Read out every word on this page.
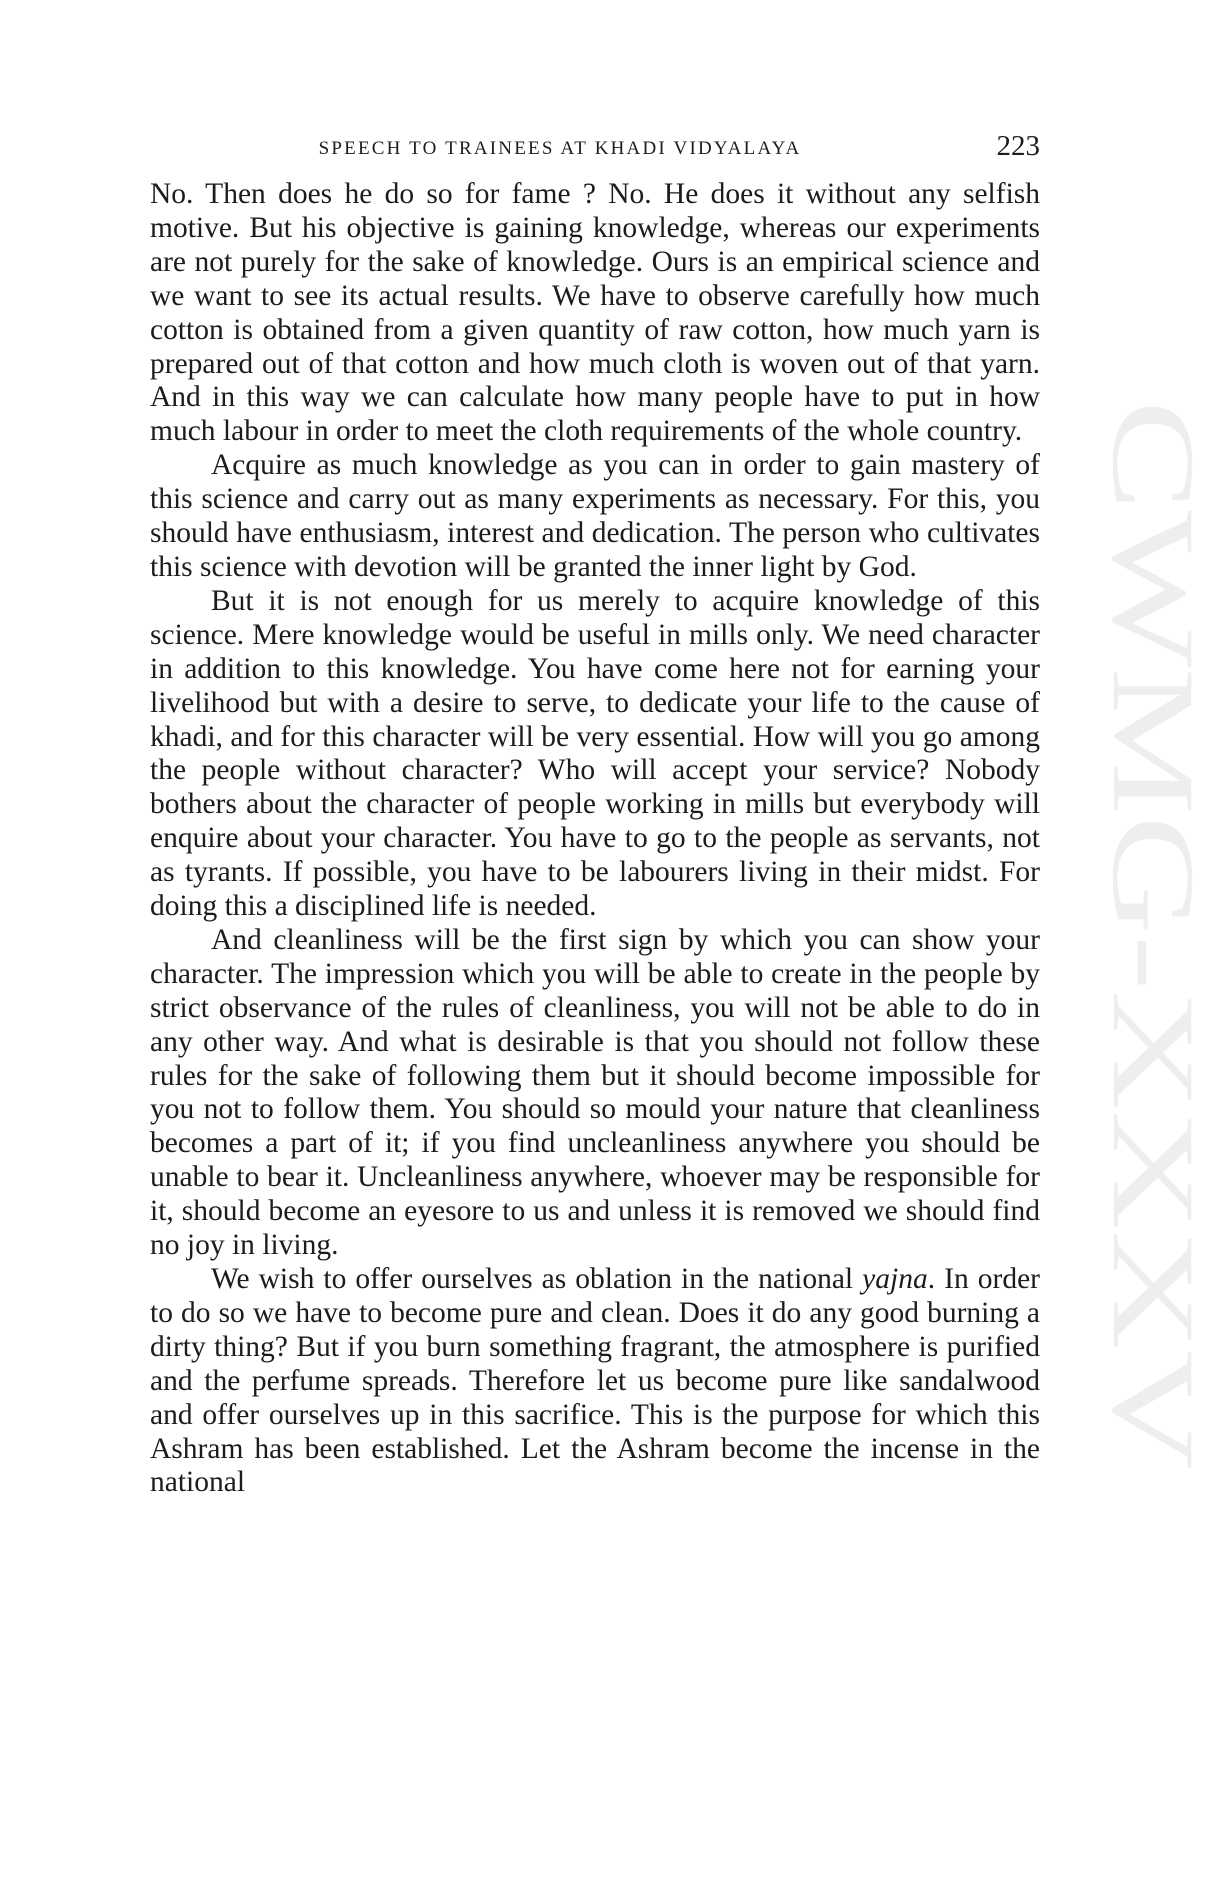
CWMG-XXXV
SPEECH TO TRAINEES AT KHADI VIDYALAYA	223

No. Then does he do so for fame ? No. He does it without any selfish motive. But his objective is gaining knowledge, whereas our experiments are not purely for the sake of knowledge. Ours is an empirical science and we want to see its actual results. We have to observe carefully how much cotton is obtained from a given quantity of raw cotton, how much yarn is prepared out of that cotton and how much cloth is woven out of that yarn. And in this way we can calculate how many people have to put in how much labour in order to meet the cloth requirements of the whole country.

Acquire as much knowledge as you can in order to gain mastery of this science and carry out as many experiments as necessary. For this, you should have enthusiasm, interest and dedication. The person who cultivates this science with devotion will be granted the inner light by God.

But it is not enough for us merely to acquire knowledge of this science. Mere knowledge would be useful in mills only. We need character in addition to this knowledge. You have come here not for earning your livelihood but with a desire to serve, to dedicate your life to the cause of khadi, and for this character will be very essential. How will you go among the people without character? Who will accept your service? Nobody bothers about the character of people working in mills but everybody will enquire about your character. You have to go to the people as servants, not as tyrants. If possible, you have to be labourers living in their midst. For doing this a disciplined life is needed.

And cleanliness will be the first sign by which you can show your character. The impression which you will be able to create in the people by strict observance of the rules of cleanliness, you will not be able to do in any other way. And what is desirable is that you should not follow these rules for the sake of following them but it should become impossible for you not to follow them. You should so mould your nature that cleanliness becomes a part of it; if you find uncleanliness anywhere you should be unable to bear it. Uncleanliness anywhere, whoever may be responsible for it, should become an eyesore to us and unless it is removed we should find no joy in living.

We wish to offer ourselves as oblation in the national yajna. In order to do so we have to become pure and clean. Does it do any good burning a dirty thing? But if you burn something fragrant, the atmosphere is purified and the perfume spreads. Therefore let us become pure like sandalwood and offer ourselves up in this sacrifice. This is the purpose for which this Ashram has been established. Let the Ashram become the incense in the national
